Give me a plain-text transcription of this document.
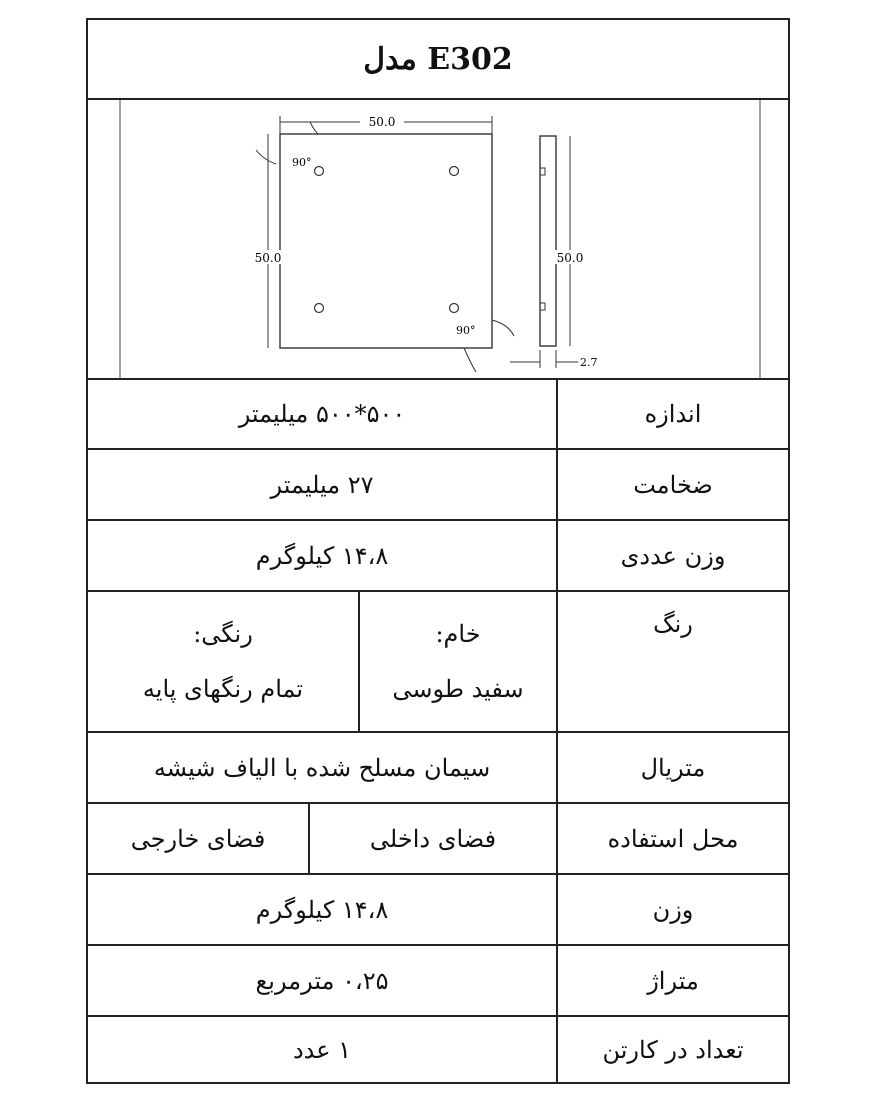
مدل E302
50.0
50.0
90°
90°
50.0
2.7
اندازه
۵۰۰*۵۰۰ میلیمتر
ضخامت
۲۷ میلیمتر
وزن عددی
۱۴،۸ کیلوگرم
رنگ
خام:
سفید طوسی
رنگی:
تمام رنگهای پایه
متریال
سیمان مسلح شده با الیاف شیشه
محل استفاده
فضای داخلی
فضای خارجی
وزن
۱۴،۸ کیلوگرم
متراژ
۰،۲۵ مترمربع
تعداد در کارتن
۱ عدد
